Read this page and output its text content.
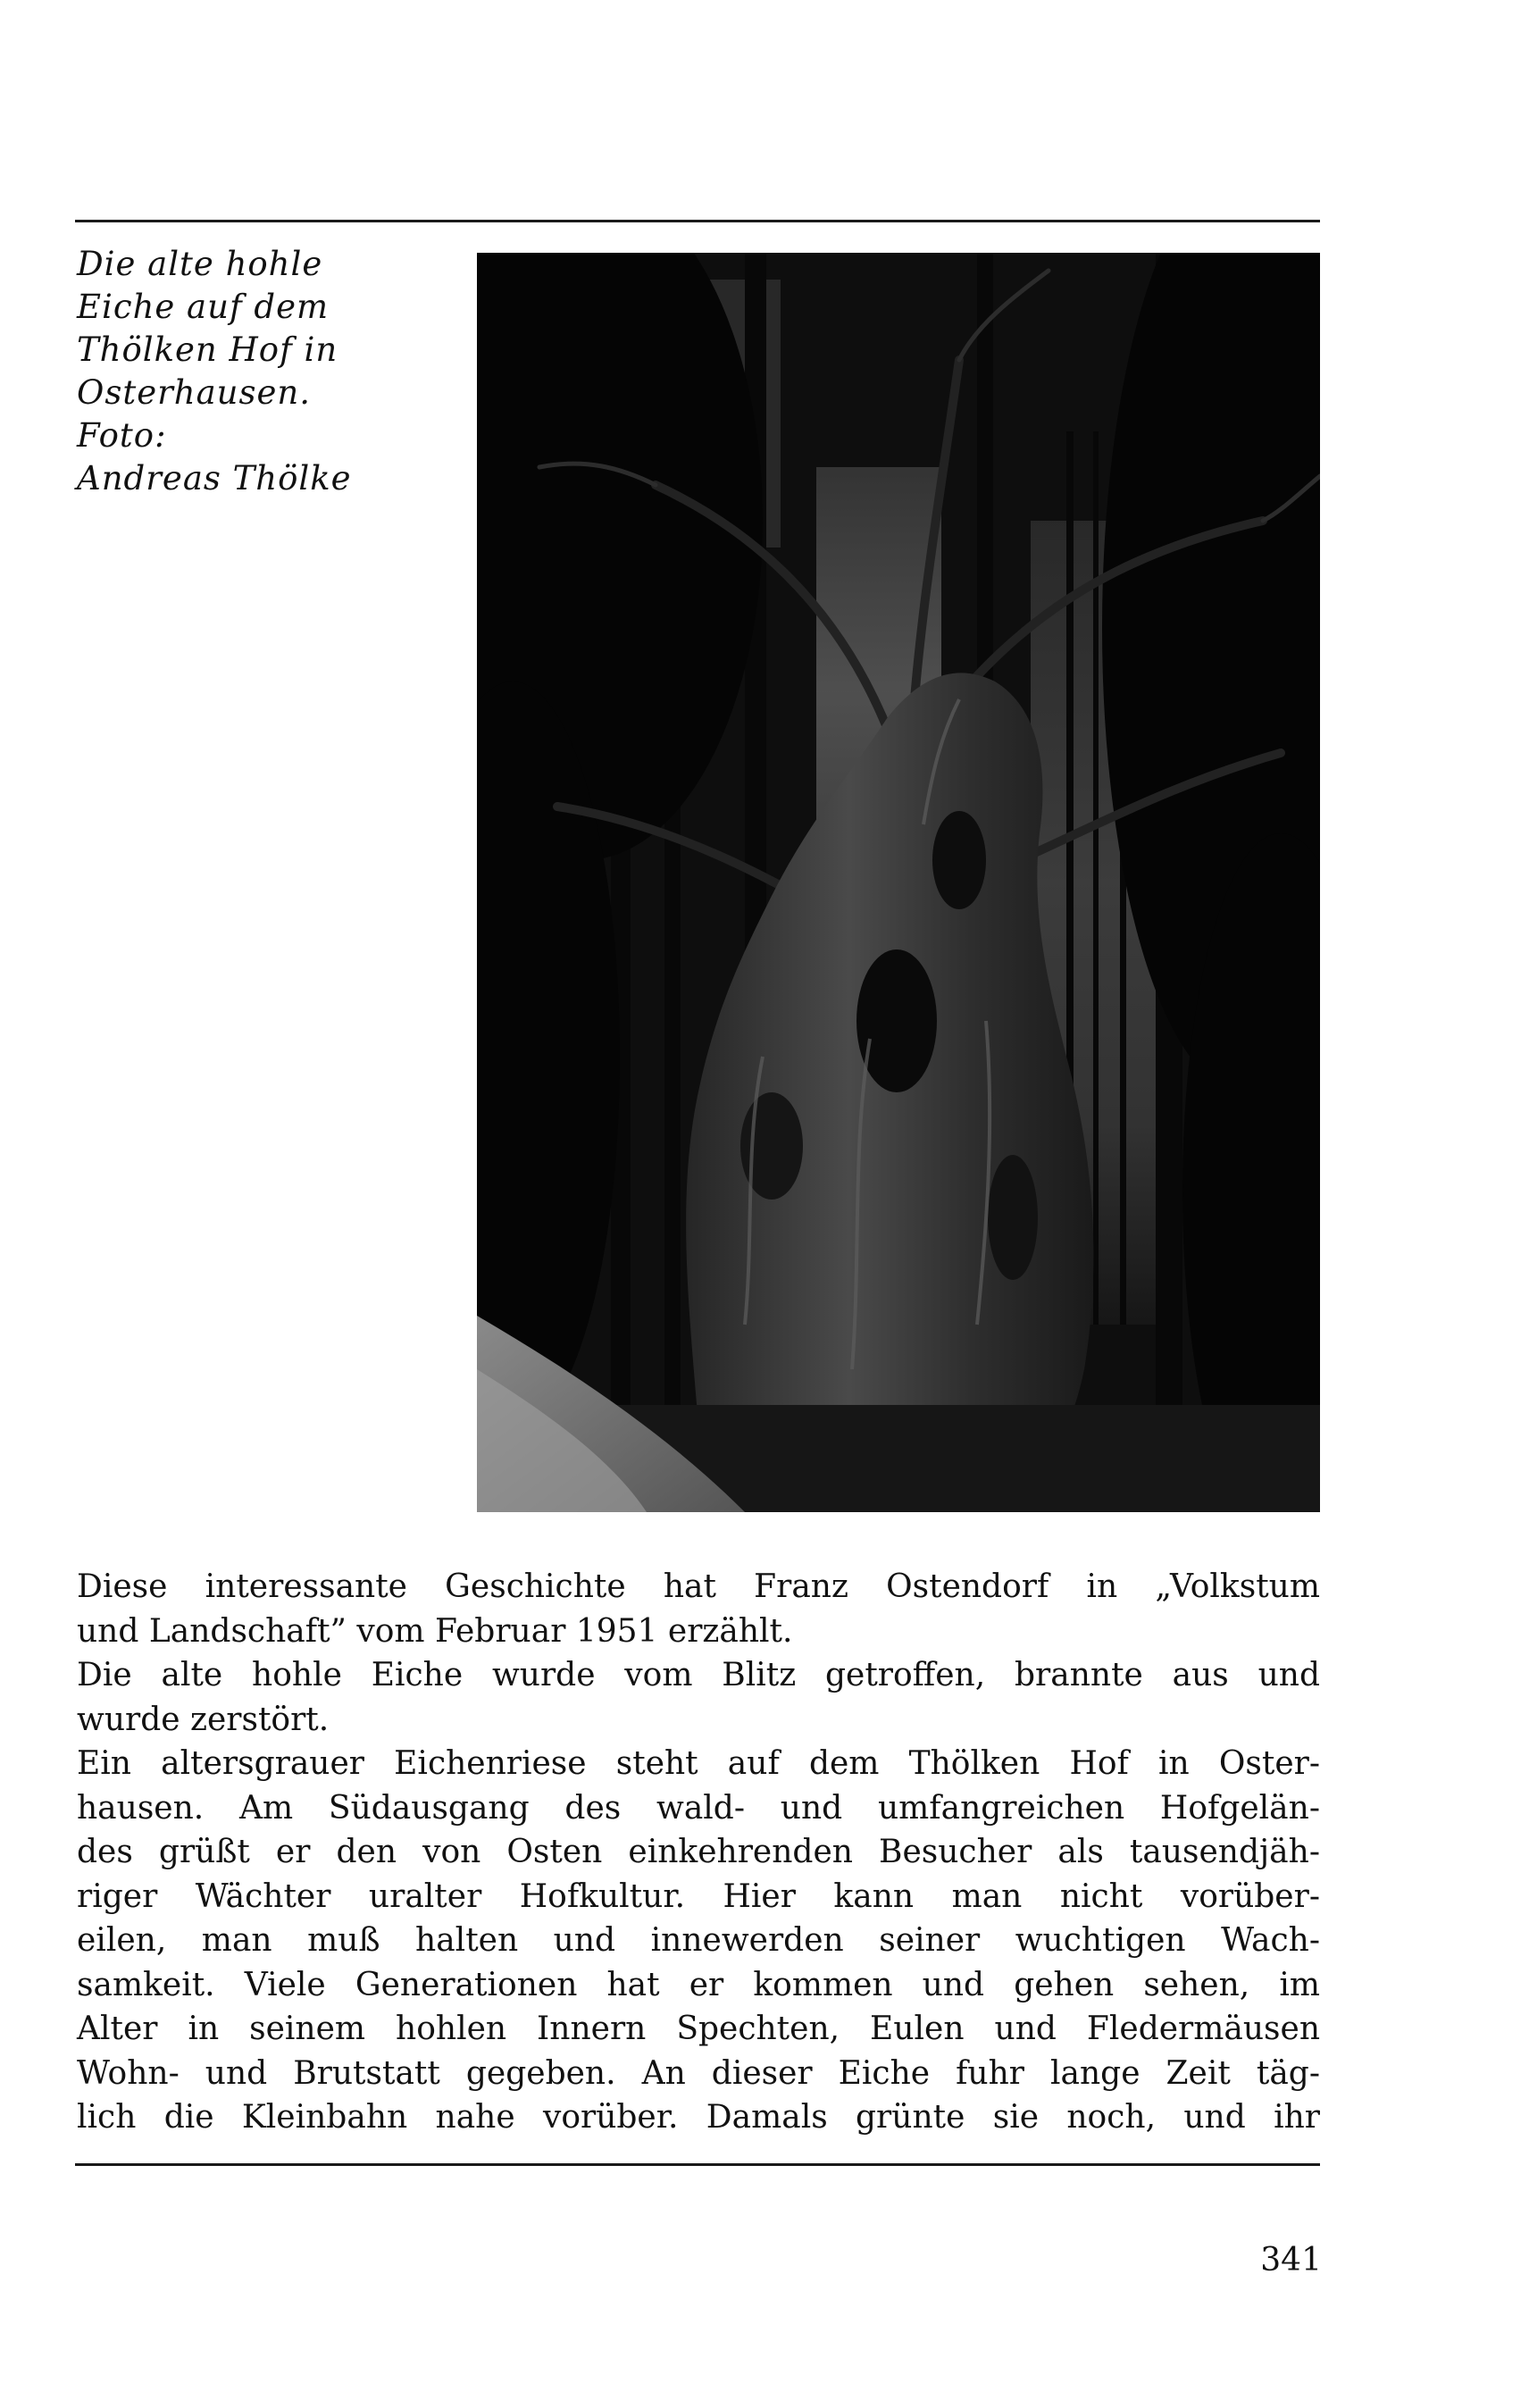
Die alte hohle
Eiche auf dem
Thölken Hof in
Osterhausen.
Foto:
Andreas Thölke
Diese interessante Geschichte hat Franz Ostendorf in „Volkstum
und Landschaft” vom Februar 1951 erzählt.
Die alte hohle Eiche wurde vom Blitz getroffen, brannte aus und
wurde zerstört.
Ein altersgrauer Eichenriese steht auf dem Thölken Hof in Oster-
hausen. Am Südausgang des wald- und umfangreichen Hofgelän-
des grüßt er den von Osten einkehrenden Besucher als tausendjäh-
riger Wächter uralter Hofkultur. Hier kann man nicht vorüber-
eilen, man muß halten und innewerden seiner wuchtigen Wach-
samkeit. Viele Generationen hat er kommen und gehen sehen, im
Alter in seinem hohlen Innern Spechten, Eulen und Fledermäusen
Wohn- und Brutstatt gegeben. An dieser Eiche fuhr lange Zeit täg-
lich die Kleinbahn nahe vorüber. Damals grünte sie noch, und ihr
341
